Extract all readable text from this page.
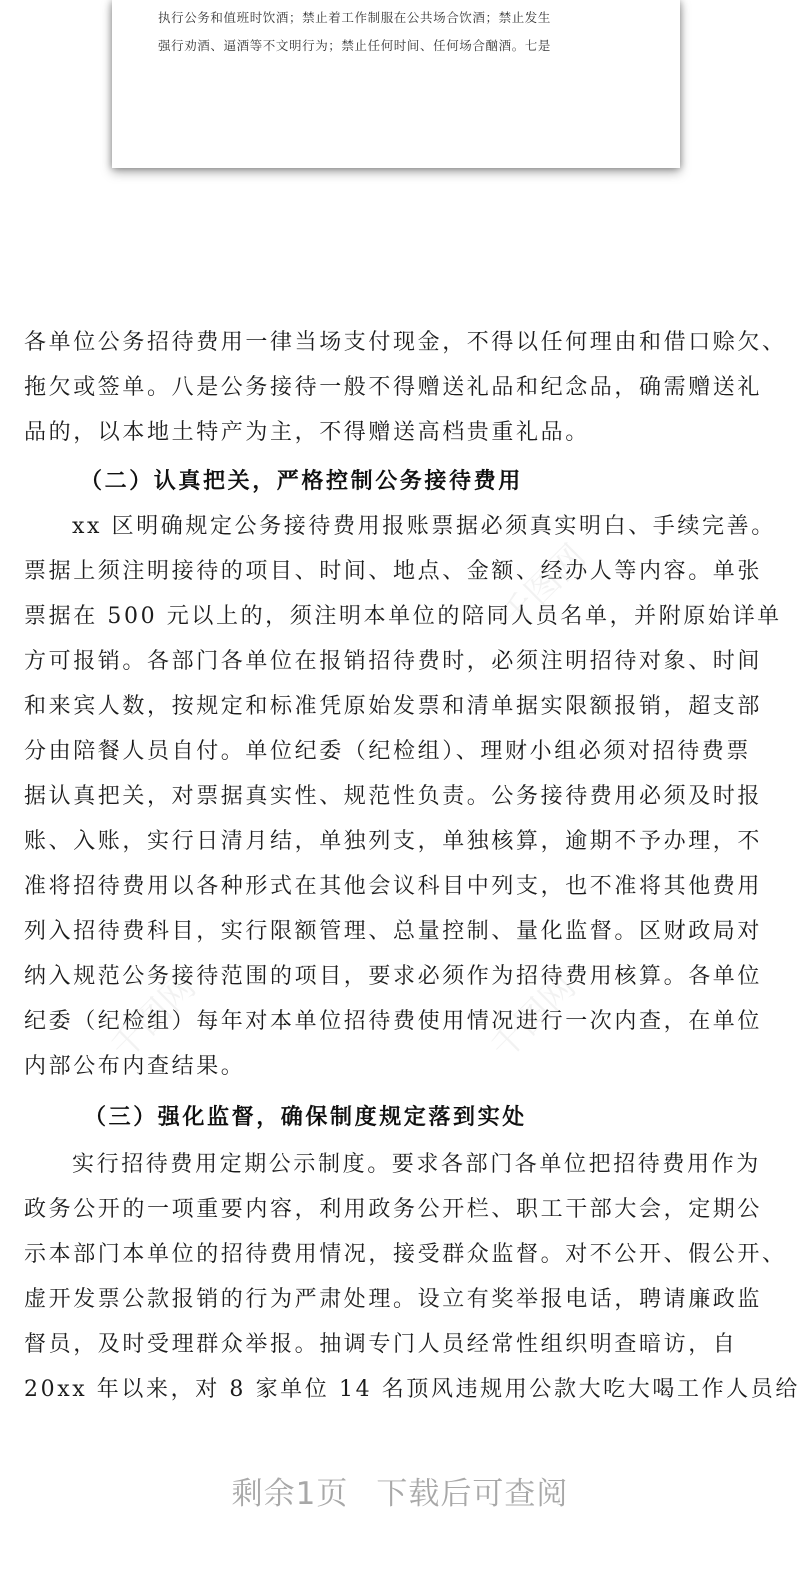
执行公务和值班时饮酒；禁止着工作制服在公共场合饮酒；禁止发生
强行劝酒、逼酒等不文明行为；禁止任何时间、任何场合酗酒。七是
千图网
千图网	千图网
各单位公务招待费用一律当场支付现金，不得以任何理由和借口赊欠、
拖欠或签单。八是公务接待一般不得赠送礼品和纪念品，确需赠送礼
品的，以本地土特产为主，不得赠送高档贵重礼品。
（二）认真把关，严格控制公务接待费用
xx 区明确规定公务接待费用报账票据必须真实明白、手续完善。
票据上须注明接待的项目、时间、地点、金额、经办人等内容。单张
票据在 500 元以上的，须注明本单位的陪同人员名单，并附原始详单
方可报销。各部门各单位在报销招待费时，必须注明招待对象、时间
和来宾人数，按规定和标准凭原始发票和清单据实限额报销，超支部
分由陪餐人员自付。单位纪委（纪检组）、理财小组必须对招待费票
据认真把关，对票据真实性、规范性负责。公务接待费用必须及时报
账、入账，实行日清月结，单独列支，单独核算，逾期不予办理，不
准将招待费用以各种形式在其他会议科目中列支，也不准将其他费用
列入招待费科目，实行限额管理、总量控制、量化监督。区财政局对
纳入规范公务接待范围的项目，要求必须作为招待费用核算。各单位
纪委（纪检组）每年对本单位招待费使用情况进行一次内查，在单位
内部公布内查结果。
（三）强化监督，确保制度规定落到实处
实行招待费用定期公示制度。要求各部门各单位把招待费用作为
政务公开的一项重要内容，利用政务公开栏、职工干部大会，定期公
示本部门本单位的招待费用情况，接受群众监督。对不公开、假公开、
虚开发票公款报销的行为严肃处理。设立有奖举报电话，聘请廉政监
督员，及时受理群众举报。抽调专门人员经常性组织明查暗访，自
20xx 年以来，对 8 家单位 14 名顶风违规用公款大吃大喝工作人员给
剩余1页 下载后可查阅
